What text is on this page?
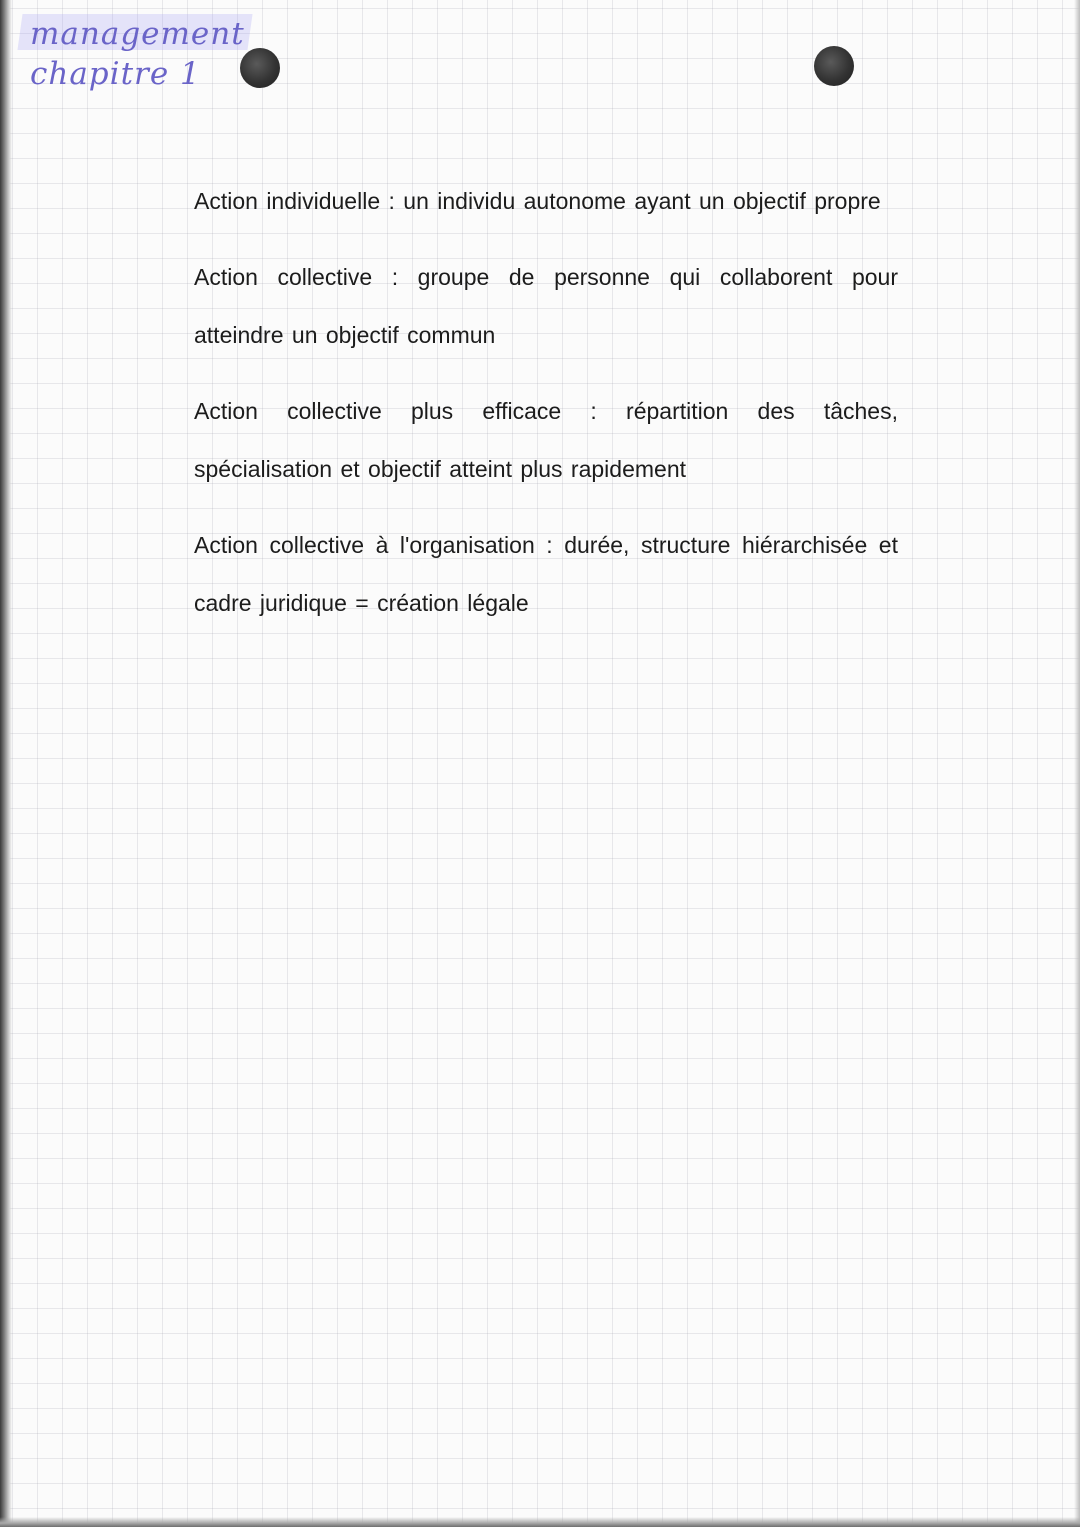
management
chapitre 1

Action individuelle : un individu autonome ayant un objectif propre

Action collective : groupe de personne qui collaborent pour atteindre un objectif commun

Action collective plus efficace : répartition des tâches, spécialisation et objectif atteint plus rapidement

Action collective à l'organisation : durée, structure hiérarchisée et cadre juridique = création légale
